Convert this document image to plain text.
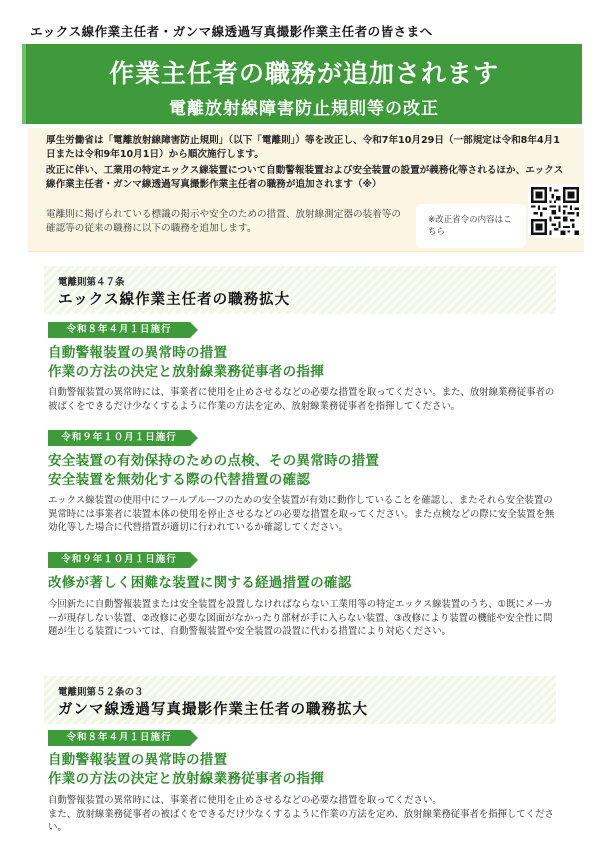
エックス線作業主任者・ガンマ線透過写真撮影作業主任者の皆さまへ
作業主任者の職務が追加されます
電離放射線障害防止規則等の改正

厚生労働省は「電離放射線障害防止規則」（以下「電離則」）等を改正し、令和7年10月29日（一部規定は令和8年4月1日または令和9年10月1日）から順次施行します。

改正に伴い、工業用の特定エックス線装置について自動警報装置および安全装置の設置が義務化等されるほか、エックス線作業主任者・ガンマ線透過写真撮影作業主任者の職務が追加されます（※）

電離則に掲げられている標識の掲示や安全のための措置、放射線測定器の装着等の確認等の従来の職務に以下の職務を追加します。

※改正省令の内容はこちら
電離則第４７条
エックス線作業主任者の職務拡大
令和８年４月１日施行
自動警報装置の異常時の措置
作業の方法の決定と放射線業務従事者の指揮
自動警報装置の異常時には、事業者に使用を止めさせるなどの必要な措置を取ってください。また、放射線業務従事者の被ばくをできるだけ少なくするように作業の方法を定め、放射線業務従事者を指揮してください。
令和９年１０月１日施行
安全装置の有効保持のための点検、その異常時の措置
安全装置を無効化する際の代替措置の確認
エックス線装置の使用中にフールプルーフのための安全装置が有効に動作していることを確認し、またそれら安全装置の異常時には事業者に装置本体の使用を停止させるなどの必要な措置を取ってください。また点検などの際に安全装置を無効化等した場合に代替措置が適切に行われているか確認してください。
令和９年１０月１日施行
改修が著しく困難な装置に関する経過措置の確認
今回新たに自動警報装置または安全装置を設置しなければならない工業用等の特定エックス線装置のうち、①既にメーカーが現存しない装置、②改修に必要な図面がなかったり部材が手に入らない装置、③改修により装置の機能や安全性に問題が生じる装置については、自動警報装置や安全装置の設置に代わる措置により対応ください。
電離則第５２条の３
ガンマ線透過写真撮影作業主任者の職務拡大
令和８年４月１日施行
自動警報装置の異常時の措置
作業の方法の決定と放射線業務従事者の指揮
自動警報装置の異常時には、事業者に使用を止めさせるなどの必要な措置を取ってください。
また、放射線業務従事者の被ばくをできるだけ少なくするように作業の方法を定め、放射線業務従事者を指揮してください。
